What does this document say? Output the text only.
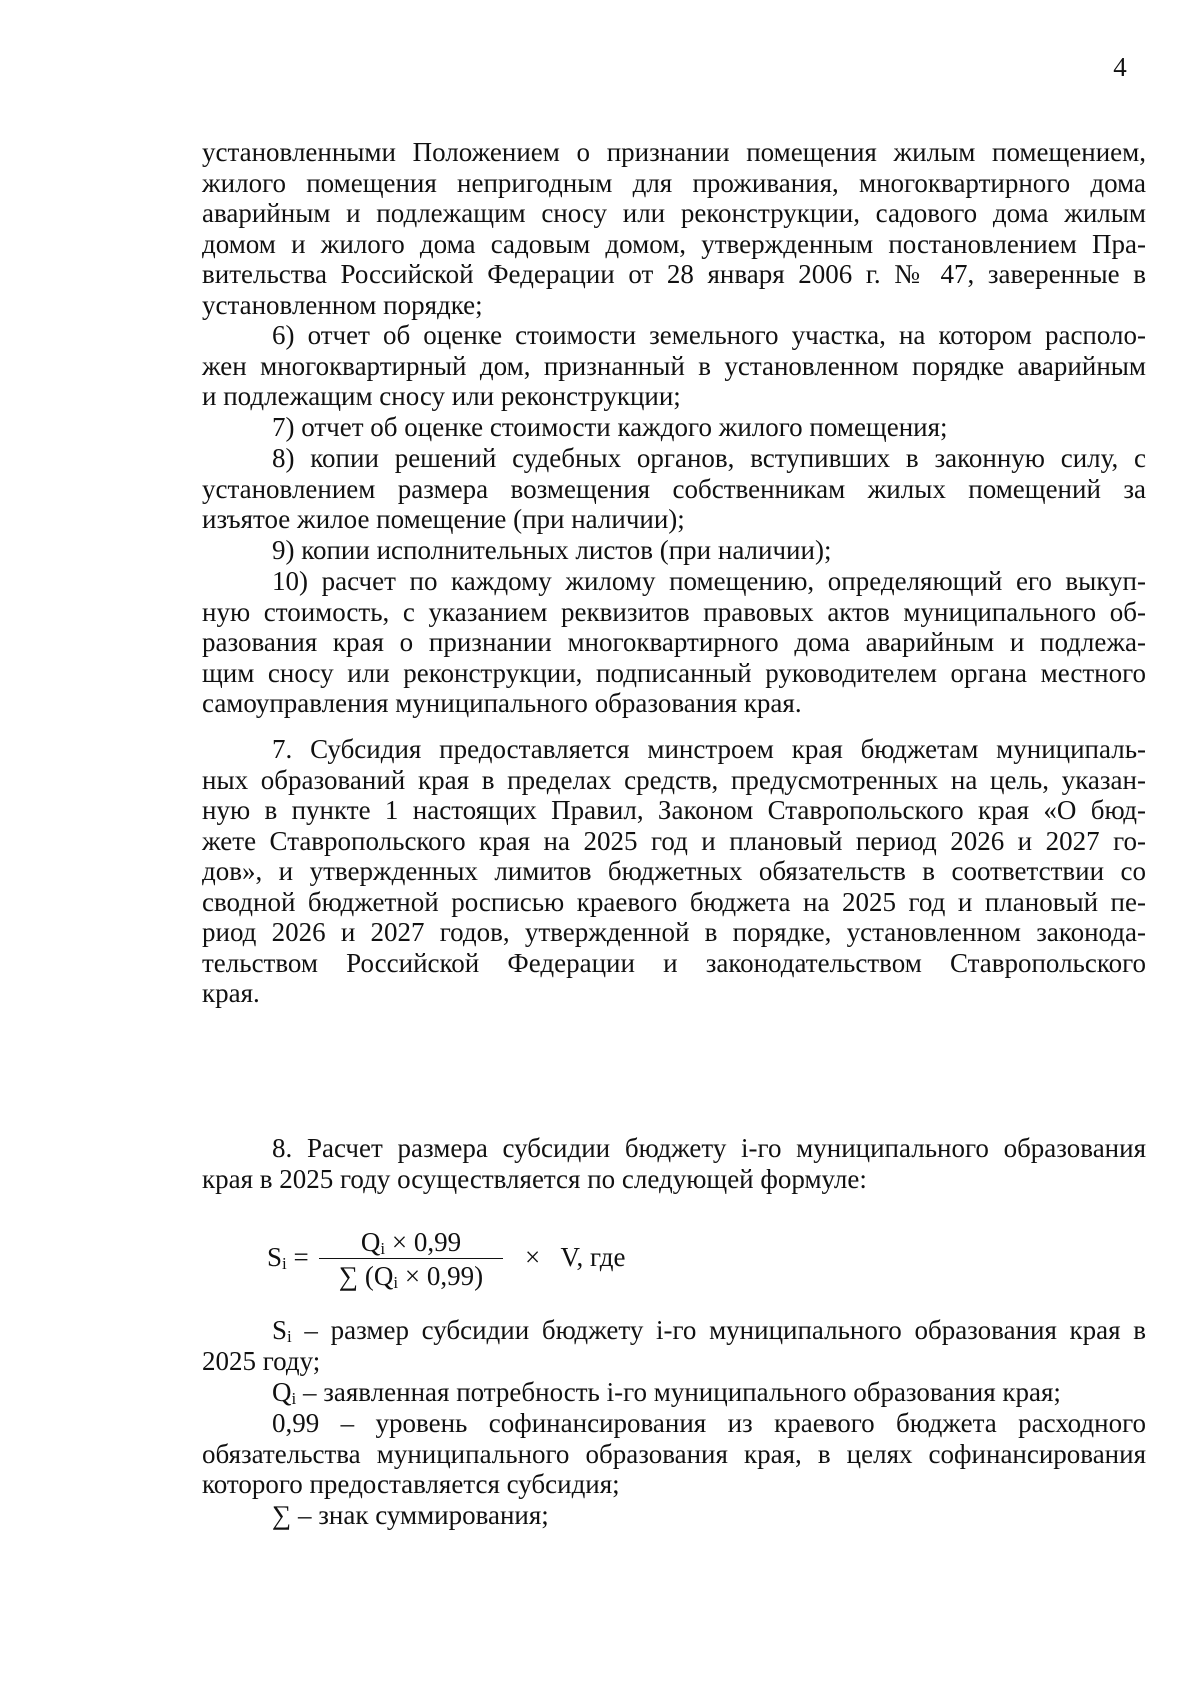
4
установленными Положением о признании помещения жилым помещением,
жилого помещения непригодным для проживания, многоквартирного дома
аварийным и подлежащим сносу или реконструкции, садового дома жилым
домом и жилого дома садовым домом, утвержденным постановлением Пра-
вительства Российской Федерации от 28 января 2006 г. № 47, заверенные в
установленном порядке;
6) отчет об оценке стоимости земельного участка, на котором располо-
жен многоквартирный дом, признанный в установленном порядке аварийным
и подлежащим сносу или реконструкции;
7) отчет об оценке стоимости каждого жилого помещения;
8) копии решений судебных органов, вступивших в законную силу, с
установлением размера возмещения собственникам жилых помещений за
изъятое жилое помещение (при наличии);
9) копии исполнительных листов (при наличии);
10) расчет по каждому жилому помещению, определяющий его выкуп-
ную стоимость, с указанием реквизитов правовых актов муниципального об-
разования края о признании многоквартирного дома аварийным и подлежа-
щим сносу или реконструкции, подписанный руководителем органа местного
самоуправления муниципального образования края.
7. Субсидия предоставляется минстроем края бюджетам муниципаль-
ных образований края в пределах средств, предусмотренных на цель, указан-
ную в пункте 1 настоящих Правил, Законом Ставропольского края «О бюд-
жете Ставропольского края на 2025 год и плановый период 2026 и 2027 го-
дов», и утвержденных лимитов бюджетных обязательств в соответствии со
сводной бюджетной росписью краевого бюджета на 2025 год и плановый пе-
риод 2026 и 2027 годов, утвержденной в порядке, установленном законода-
тельством Российской Федерации и законодательством Ставропольского
края.
8. Расчет размера субсидии бюджету i-го муниципального образования
края в 2025 году осуществляется по следующей формуле:
$S_i$ =	$Q_i \times 0,99$
∑ $(Q_i \times 0,99)$
× V, где
$S_i$ – размер субсидии бюджету i-го муниципального образования края в
2025 году;
$Q_i$ – заявленная потребность i-го муниципального образования края;
0,99 – уровень софинансирования из краевого бюджета расходного
обязательства муниципального образования края, в целях софинансирования
которого предоставляется субсидия;
∑ – знак суммирования;
